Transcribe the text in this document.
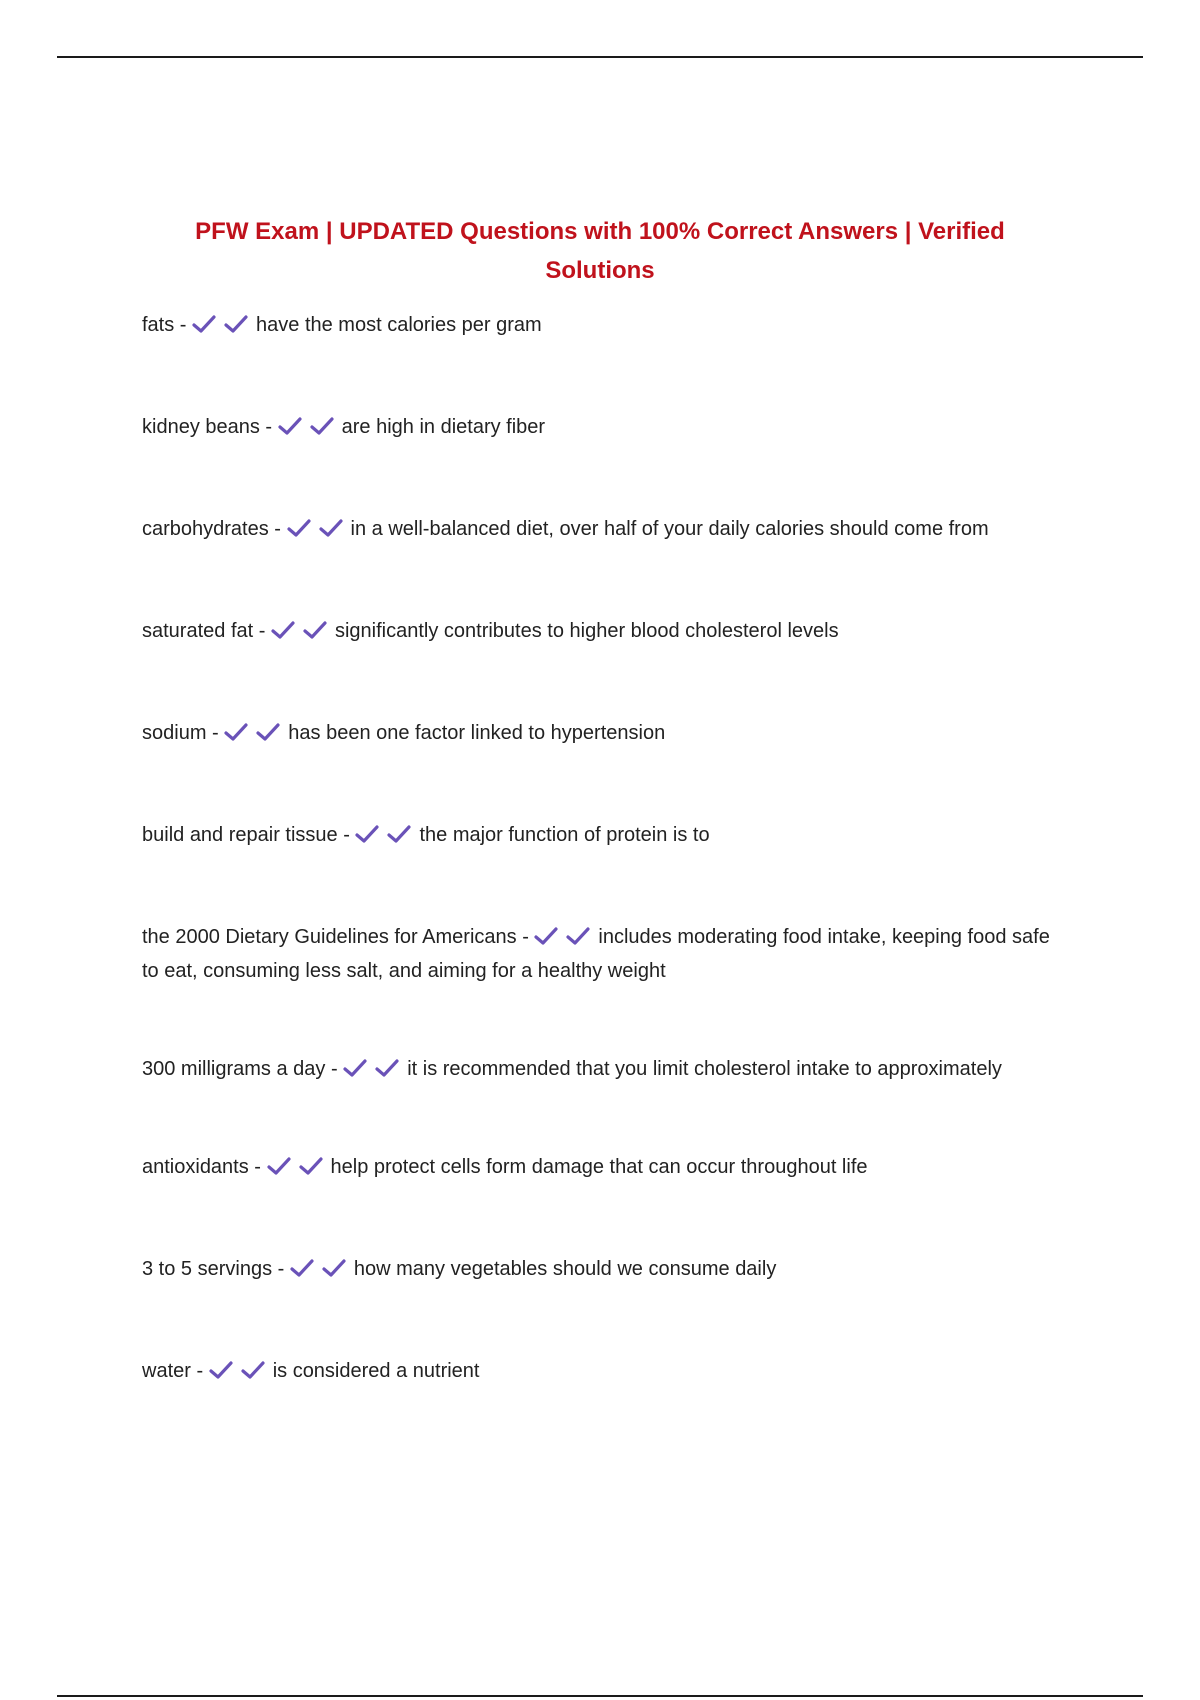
PFW Exam | UPDATED Questions with 100% Correct Answers | Verified Solutions

fats -	have the most calories per gram

kidney beans -	are high in dietary fiber

carbohydrates -	in a well-balanced diet, over half of your daily calories should come from

saturated fat -	significantly contributes to higher blood cholesterol levels

sodium -	has been one factor linked to hypertension

build and repair tissue -	the major function of protein is to

the 2000 Dietary Guidelines for Americans -	includes moderating food intake, keeping food safe to eat, consuming less salt, and aiming for a healthy weight

300 milligrams a day -	it is recommended that you limit cholesterol intake to approximately

antioxidants -	help protect cells form damage that can occur throughout life

3 to 5 servings -	how many vegetables should we consume daily

water -	is considered a nutrient
